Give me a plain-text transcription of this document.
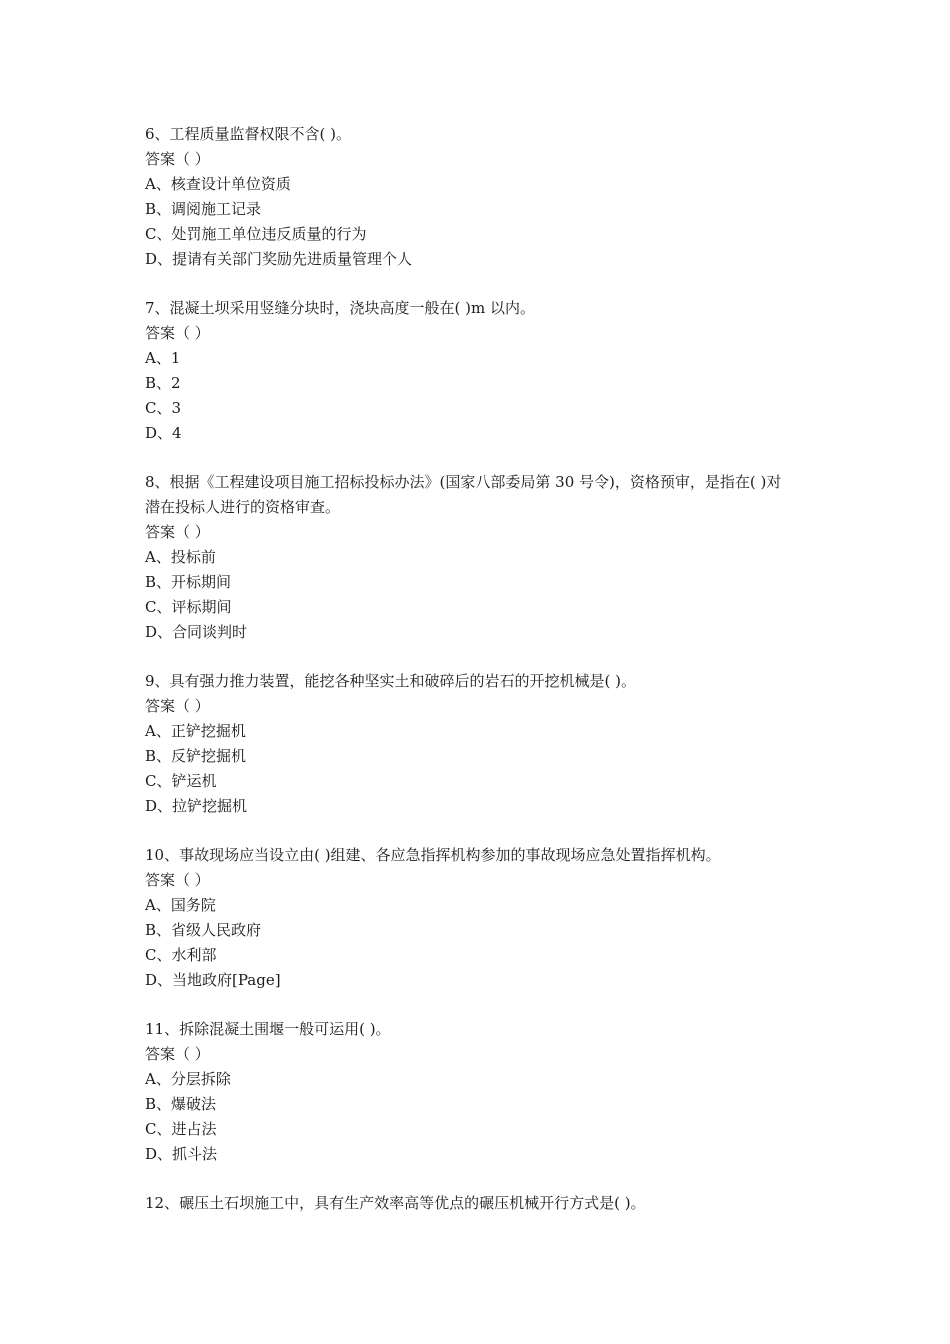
6、工程质量监督权限不含( )。
答案（ ）
A、核查设计单位资质
B、调阅施工记录
C、处罚施工单位违反质量的行为
D、提请有关部门奖励先进质量管理个人
7、混凝土坝采用竖缝分块时，浇块高度一般在( )m 以内。
答案（ ）
A、1
B、2
C、3
D、4
8、根据《工程建设项目施工招标投标办法》(国家八部委局第 30 号令)，资格预审，是指在( )对
潜在投标人进行的资格审查。
答案（ ）
A、投标前
B、开标期间
C、评标期间
D、合同谈判时
9、具有强力推力装置，能挖各种坚实土和破碎后的岩石的开挖机械是( )。
答案（ ）
A、正铲挖掘机
B、反铲挖掘机
C、铲运机
D、拉铲挖掘机
10、事故现场应当设立由( )组建、各应急指挥机构参加的事故现场应急处置指挥机构。
答案（ ）
A、国务院
B、省级人民政府
C、水利部
D、当地政府[Page]
11、拆除混凝土围堰一般可运用( )。
答案（ ）
A、分层拆除
B、爆破法
C、进占法
D、抓斗法
12、碾压土石坝施工中，具有生产效率高等优点的碾压机械开行方式是( )。
